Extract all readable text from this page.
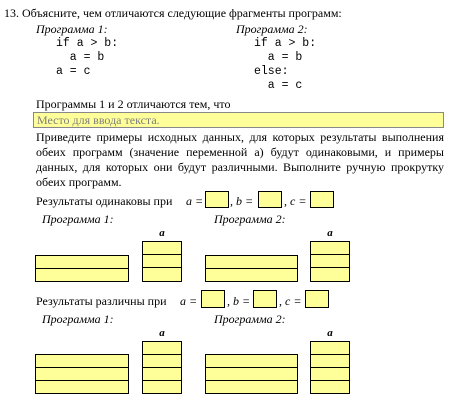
13. Объясните, чем отличаются следующие фрагменты программ:
Программа 1:
if a > b:
a = b
a = c
Программа 2:
if a > b:
a = b
else:
a = c
Программы 1 и 2 отличаются тем, что
Место для ввода текста.
Приведите примеры исходных данных, для которых результаты выполнения обеих программ (значение переменной a) будут одинаковыми, и примеры данных, для которых они будут различными. Выполните ручную прокрутку обеих программ.
Результаты одинаковы при a = , b =	, c =
Программа 1:	Программа 2:
a	a
Результаты различны при a = , b = , c =
Программа 1:	Программа 2:
a	a
